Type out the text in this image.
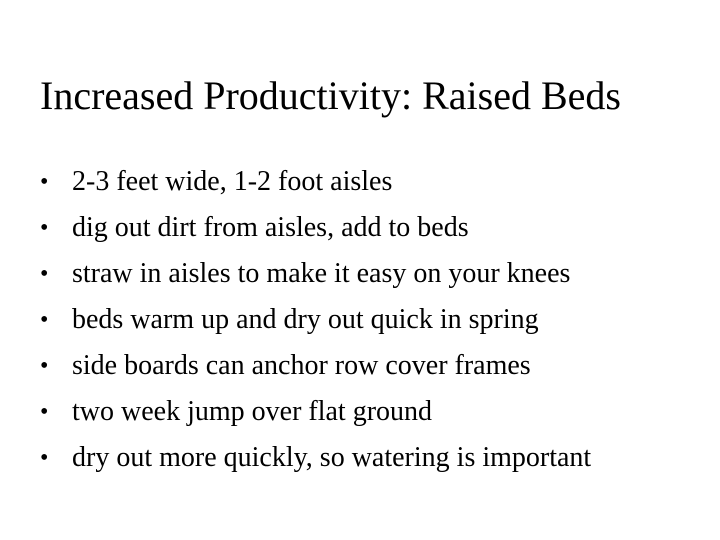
Increased Productivity: Raised Beds
• 2-3 feet wide, 1-2 foot aisles
• dig out dirt from aisles, add to beds
• straw in aisles to make it easy on your knees
• beds warm up and dry out quick in spring
• side boards can anchor row cover frames
• two week jump over flat ground
• dry out more quickly, so watering is important
